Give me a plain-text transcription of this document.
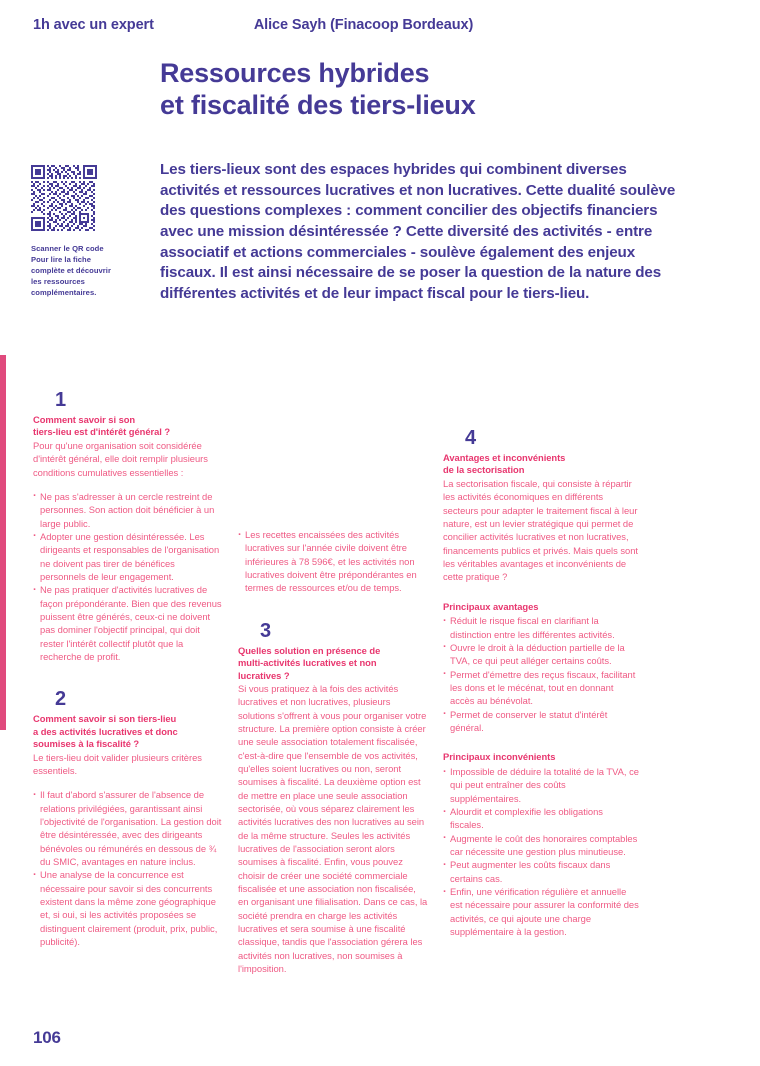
1h avec un expert	Alice Sayh (Finacoop Bordeaux)
Ressources hybrides
et fiscalité des tiers-lieux
Scanner le QR code
Pour lire la fiche
complète et découvrir
les ressources
complémentaires.
Les tiers-lieux sont des espaces hybrides qui combinent diverses activités et ressources lucratives et non lucratives. Cette dualité soulève des questions complexes : comment concilier des objectifs financiers avec une mission désintéressée ? Cette diversité des activités - entre associatif et actions commerciales - soulève également des enjeux fiscaux. Il est ainsi nécessaire de se poser la question de la nature des différentes activités et de leur impact fiscal pour le tiers-lieu.
1
Comment savoir si son
tiers-lieu est d'intérêt général ?
Pour qu'une organisation soit considérée d'intérêt général, elle doit remplir plusieurs conditions cumulatives essentielles :
· Ne pas s'adresser à un cercle restreint de personnes. Son action doit bénéficier à un large public.
· Adopter une gestion désintéressée. Les dirigeants et responsables de l'organisation ne doivent pas tirer de bénéfices personnels de leur engagement.
· Ne pas pratiquer d'activités lucratives de façon prépondérante. Bien que des revenus puissent être générés, ceux-ci ne doivent pas dominer l'objectif principal, qui doit rester l'intérêt collectif plutôt que la recherche de profit.
2
Comment savoir si son tiers-lieu
a des activités lucratives et donc
soumises à la fiscalité ?
Le tiers-lieu doit valider plusieurs critères essentiels.
· Il faut d'abord s'assurer de l'absence de relations privilégiées, garantissant ainsi l'objectivité de l'organisation. La gestion doit être désintéressée, avec des dirigeants bénévoles ou rémunérés en dessous de ¾ du SMIC, avantages en nature inclus.
· Une analyse de la concurrence est nécessaire pour savoir si des concurrents existent dans la même zone géographique et, si oui, si les activités proposées se distinguent clairement (produit, prix, public, publicité).
· Les recettes encaissées des activités lucratives sur l'année civile doivent être inférieures à 78 596€, et les activités non lucratives doivent être prépondérantes en termes de ressources et/ou de temps.
3
Quelles solution en présence de
multi-activités lucratives et non
lucratives ?
Si vous pratiquez à la fois des activités lucratives et non lucratives, plusieurs solutions s'offrent à vous pour organiser votre structure. La première option consiste à créer une seule association totalement fiscalisée, c'est-à-dire que l'ensemble de vos activités, qu'elles soient lucratives ou non, seront soumises à fiscalité. La deuxième option est de mettre en place une seule association sectorisée, où vous séparez clairement les activités lucratives des non lucratives au sein de la même structure. Seules les activités lucratives de l'association seront alors soumises à fiscalité. Enfin, vous pouvez choisir de créer une société commerciale fiscalisée et une association non fiscalisée, en organisant une filialisation. Dans ce cas, la société prendra en charge les activités lucratives et sera soumise à une fiscalité classique, tandis que l'association gérera les activités non lucratives, non soumises à l'imposition.
4
Avantages et inconvénients
de la sectorisation
La sectorisation fiscale, qui consiste à répartir les activités économiques en différents secteurs pour adapter le traitement fiscal à leur nature, est un levier stratégique qui permet de concilier activités lucratives et non lucratives, financements publics et privés. Mais quels sont les véritables avantages et inconvénients de cette pratique ?
Principaux avantages
· Réduit le risque fiscal en clarifiant la distinction entre les différentes activités.
· Ouvre le droit à la déduction partielle de la TVA, ce qui peut alléger certains coûts.
· Permet d'émettre des reçus fiscaux, facilitant les dons et le mécénat, tout en donnant accès au bénévolat.
· Permet de conserver le statut d'intérêt général.
Principaux inconvénients
· Impossible de déduire la totalité de la TVA, ce qui peut entraîner des coûts supplémentaires.
· Alourdit et complexifie les obligations fiscales.
· Augmente le coût des honoraires comptables car nécessite une gestion plus minutieuse.
· Peut augmenter les coûts fiscaux dans certains cas.
· Enfin, une vérification régulière et annuelle est nécessaire pour assurer la conformité des activités, ce qui ajoute une charge supplémentaire à la gestion.
106
